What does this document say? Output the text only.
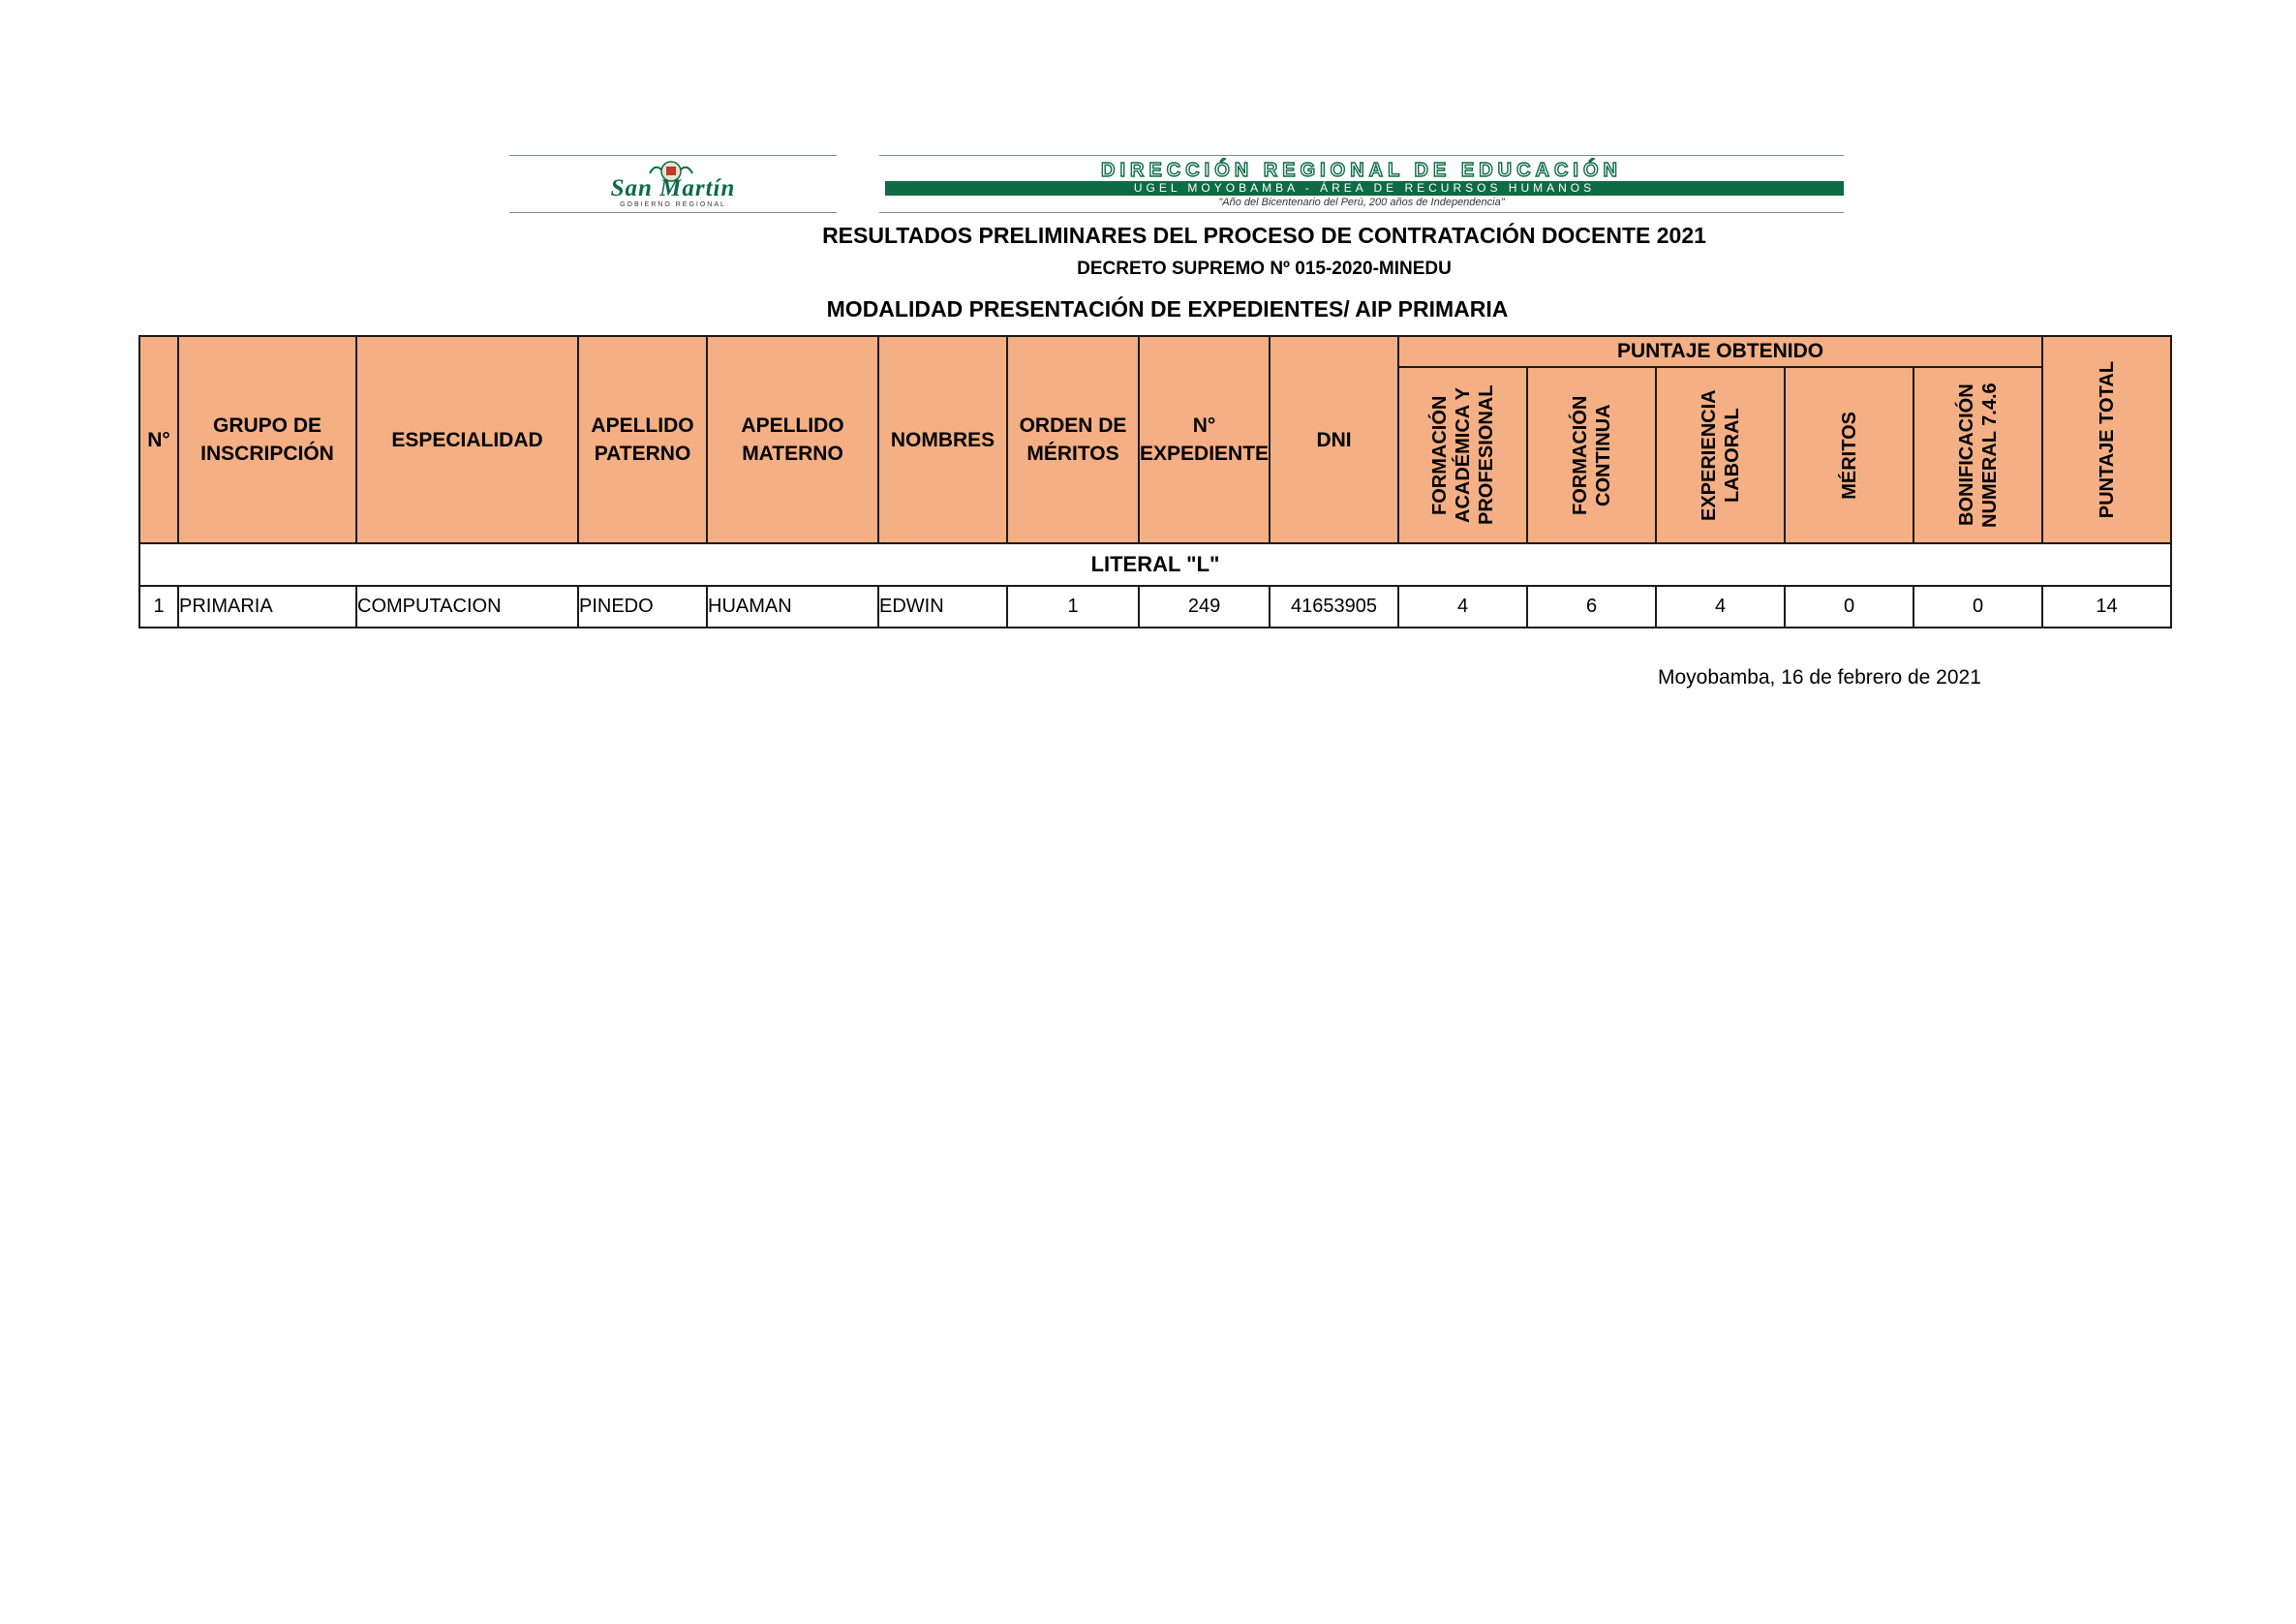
San Martín
GOBIERNO REGIONAL
DIRECCIÓN REGIONAL DE EDUCACIÓN
UGEL MOYOBAMBA - ÁREA DE RECURSOS HUMANOS
"Año del Bicentenario del Perú, 200 años de Independencia"
RESULTADOS PRELIMINARES DEL PROCESO DE CONTRATACIÓN DOCENTE 2021
DECRETO SUPREMO Nº 015-2020-MINEDU
MODALIDAD PRESENTACIÓN DE EXPEDIENTES/ AIP PRIMARIA
N°	GRUPO DE INSCRIPCIÓN	ESPECIALIDAD	APELLIDO PATERNO	APELLIDO MATERNO	NOMBRES	ORDEN DE MÉRITOS	N° EXPEDIENTE	DNI	PUNTAJE OBTENIDO					PUNTAJE TOTAL

									FORMACIÓN ACADÉMICA Y PROFESIONAL	FORMACIÓN CONTINUA	EXPERIENCIA LABORAL	MÉRITOS	BONIFICACIÓN NUMERAL 7.4.6	

LITERAL "L"														
1	PRIMARIA	COMPUTACION	PINEDO	HUAMAN	EDWIN	1	249	41653905	4	6	4	0	0	14
Moyobamba, 16 de febrero de 2021
